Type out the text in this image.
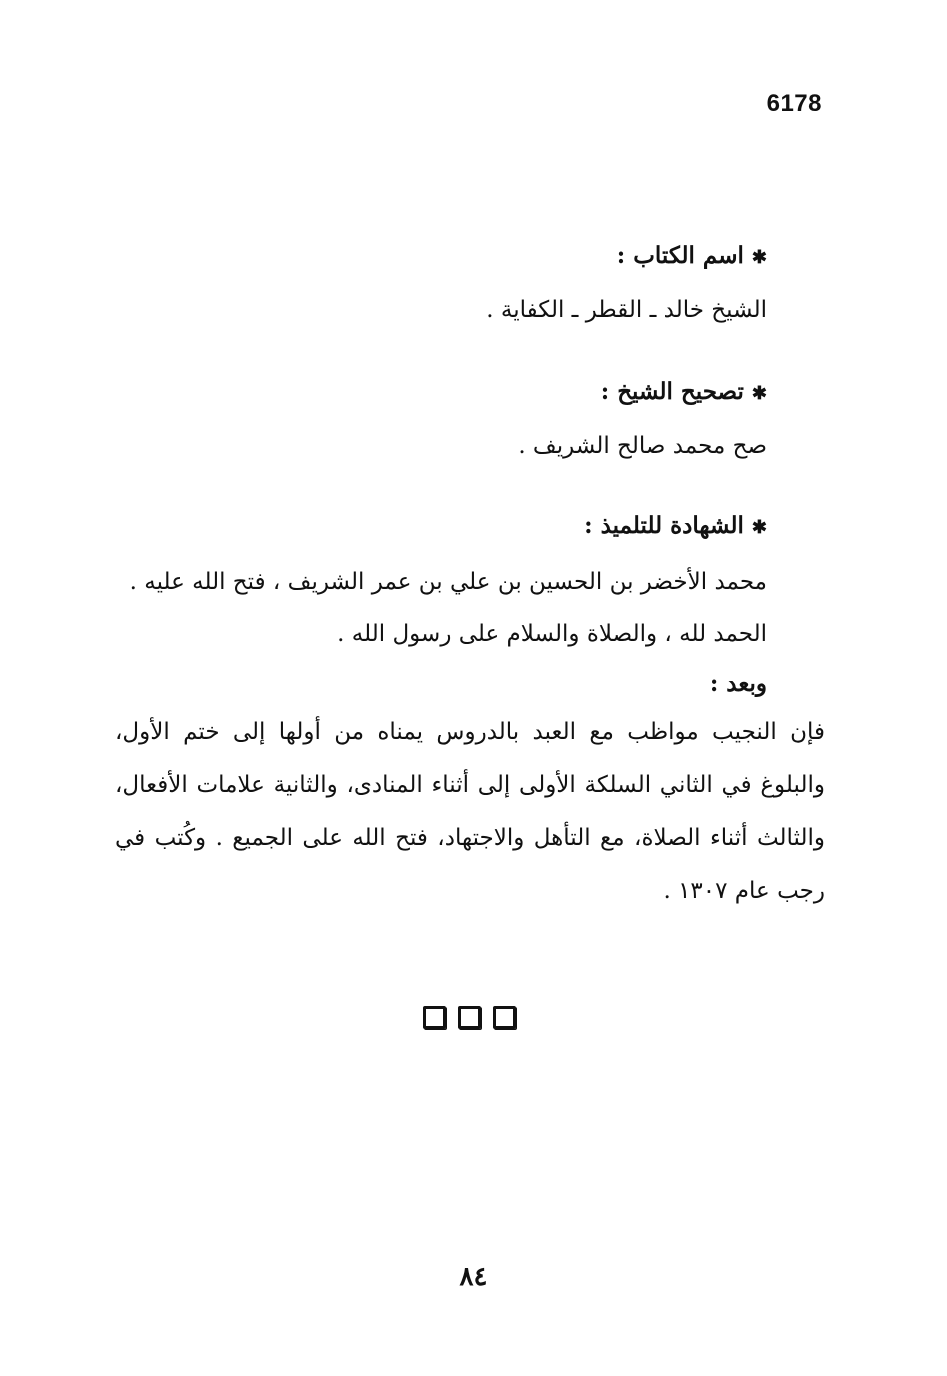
6178

✱اسم الكتاب :

الشيخ خالد ـ القطر ـ الكفاية .

✱تصحيح الشيخ :

صح محمد صالح الشريف .

✱الشهادة للتلميذ :

محمد الأخضر بن الحسين بن علي بن عمر الشريف ، فتح الله عليه .

الحمد لله ، والصلاة والسلام على رسول الله .

وبعد :

فإن النجيب مواظب مع العبد بالدروس يمناه من أولها إلى ختم الأول، والبلوغ في الثاني السلكة الأولى إلى أثناء المنادى، والثانية علامات الأفعال، والثالث أثناء الصلاة، مع التأهل والاجتهاد، فتح الله على الجميع . وكُتب في رجب عام ١٣٠٧ .

٨٤
